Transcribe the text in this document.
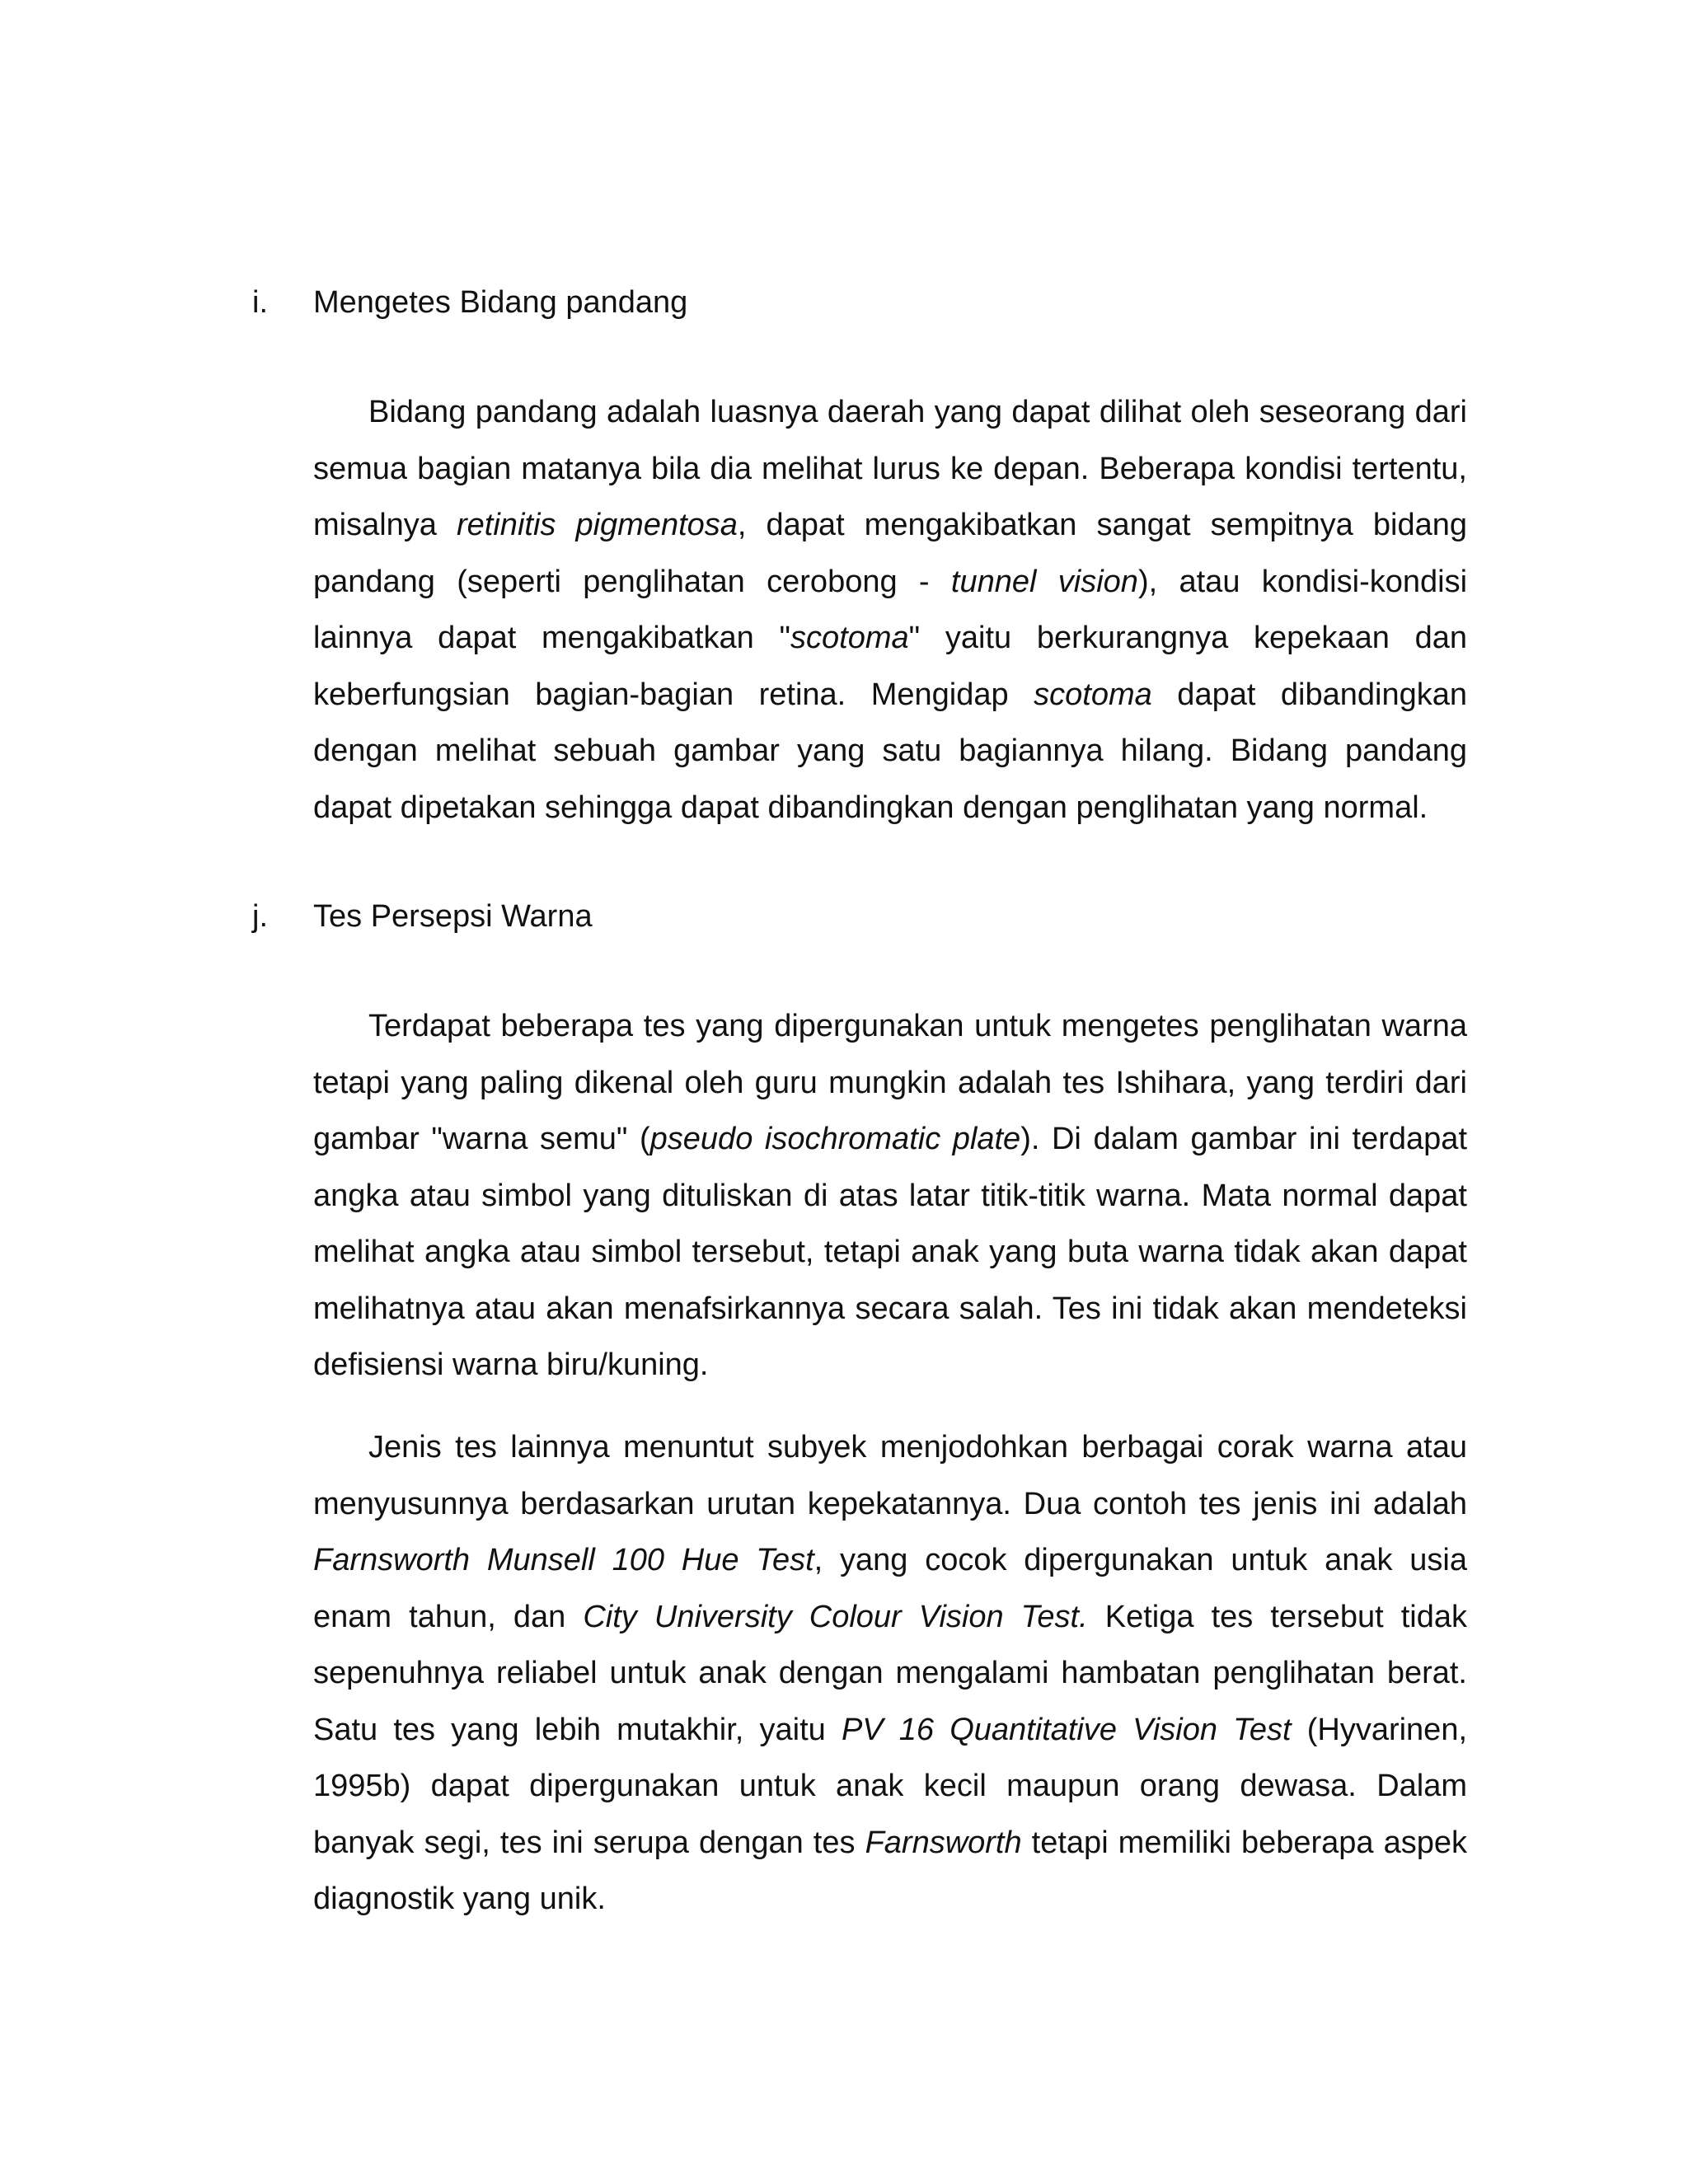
i. Mengetes Bidang pandang

Bidang pandang adalah luasnya daerah yang dapat dilihat oleh seseorang dari semua bagian matanya bila dia melihat lurus ke depan. Beberapa kondisi tertentu, misalnya retinitis pigmentosa, dapat mengakibatkan sangat sempitnya bidang pandang (seperti penglihatan cerobong - tunnel vision), atau kondisi-kondisi lainnya dapat mengakibatkan "scotoma" yaitu berkurangnya kepekaan dan keberfungsian bagian-bagian retina. Mengidap scotoma dapat dibandingkan dengan melihat sebuah gambar yang satu bagiannya hilang. Bidang pandang dapat dipetakan sehingga dapat dibandingkan dengan penglihatan yang normal.

j. Tes Persepsi Warna

Terdapat beberapa tes yang dipergunakan untuk mengetes penglihatan warna tetapi yang paling dikenal oleh guru mungkin adalah tes Ishihara, yang terdiri dari gambar "warna semu" (pseudo isochromatic plate). Di dalam gambar ini terdapat angka atau simbol yang dituliskan di atas latar titik-titik warna. Mata normal dapat melihat angka atau simbol tersebut, tetapi anak yang buta warna tidak akan dapat melihatnya atau akan menafsirkannya secara salah. Tes ini tidak akan mendeteksi defisiensi warna biru/kuning.

Jenis tes lainnya menuntut subyek menjodohkan berbagai corak warna atau menyusunnya berdasarkan urutan kepekatannya. Dua contoh tes jenis ini adalah Farnsworth Munsell 100 Hue Test, yang cocok dipergunakan untuk anak usia enam tahun, dan City University Colour Vision Test. Ketiga tes tersebut tidak sepenuhnya reliabel untuk anak dengan mengalami hambatan penglihatan berat. Satu tes yang lebih mutakhir, yaitu PV 16 Quantitative Vision Test (Hyvarinen, 1995b) dapat dipergunakan untuk anak kecil maupun orang dewasa. Dalam banyak segi, tes ini serupa dengan tes Farnsworth tetapi memiliki beberapa aspek diagnostik yang unik.
